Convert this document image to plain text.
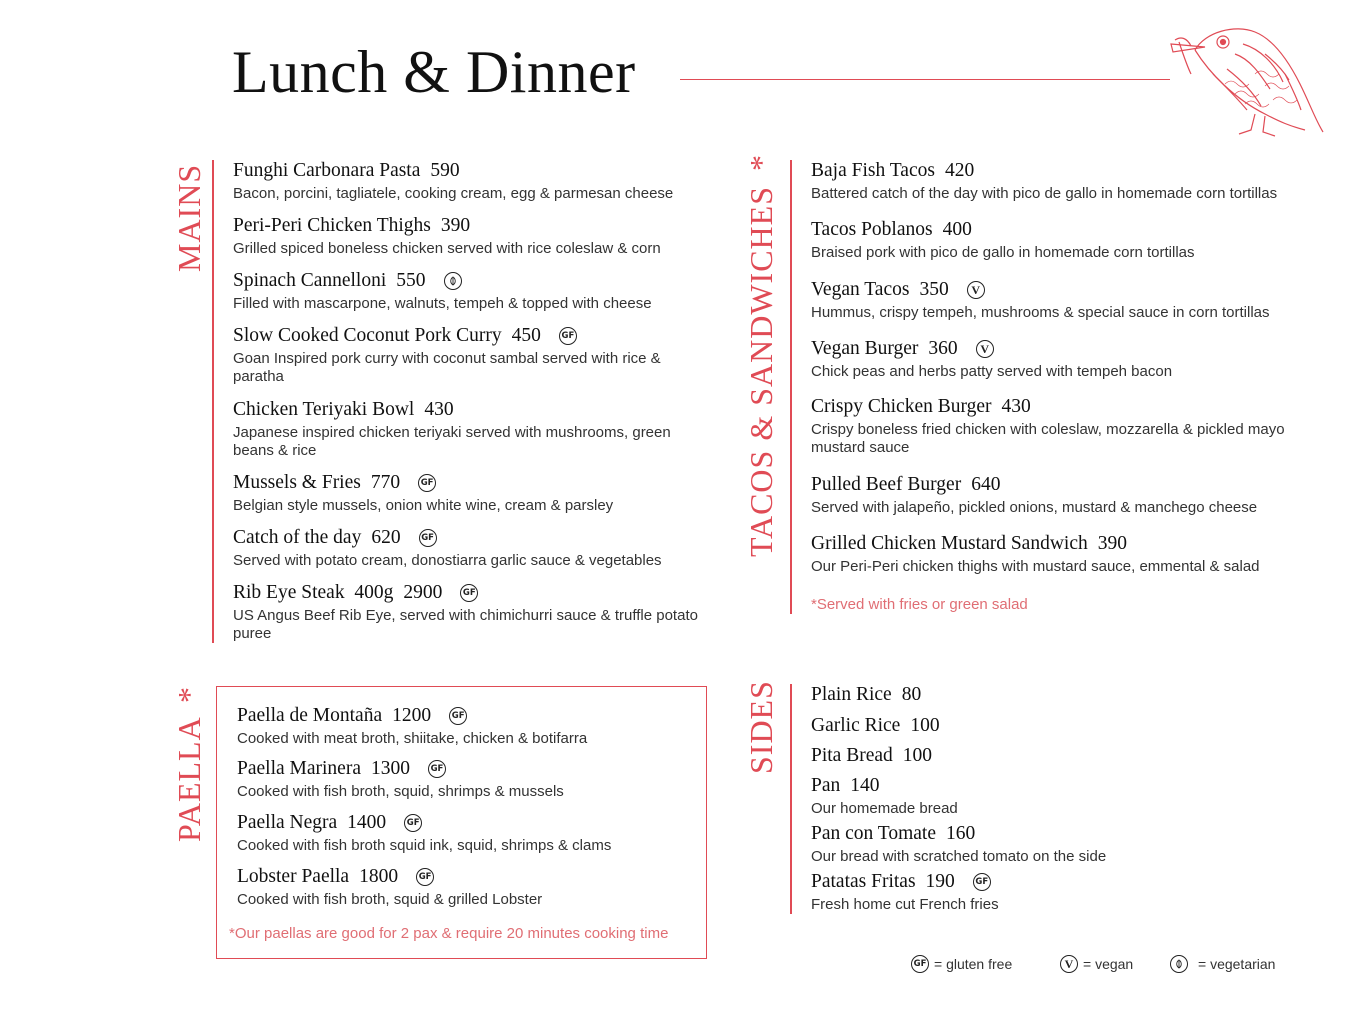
Lunch & Dinner
MAINS Funghi Carbonara Pasta 590
Bacon, porcini, tagliatele, cooking cream, egg & parmesan cheese
Peri-Peri Chicken Thighs 390
Grilled spiced boneless chicken served with rice coleslaw & corn
Spinach Cannelloni 550
Filled with mascarpone, walnuts, tempeh & topped with cheese
Slow Cooked Coconut Pork Curry 450	GF
Goan Inspired pork curry with coconut sambal served with rice & paratha
Chicken Teriyaki Bowl 430
Japanese inspired chicken teriyaki served with mushrooms, green beans & rice
Mussels & Fries 770	GF
Belgian style mussels, onion white wine, cream & parsley
Catch of the day 620	GF
Served with potato cream, donostiarra garlic sauce & vegetables
Rib Eye Steak  400g 2900	GF
US Angus Beef Rib Eye, served with chimichurri sauce & truffle potato puree
TACOS & SANDWICHES * Baja Fish Tacos 420
Battered catch of the day with pico de gallo in homemade corn tortillas
Tacos Poblanos 400
Braised pork with pico de gallo in homemade corn tortillas
Vegan Tacos 350	V
Hummus, crispy tempeh, mushrooms & special sauce in corn tortillas
Vegan Burger 360	V
Chick peas and herbs patty served with tempeh bacon
Crispy Chicken Burger 430
Crispy boneless fried chicken with coleslaw, mozzarella & pickled mayo mustard sauce
Pulled Beef Burger 640
Served with jalapeño, pickled onions, mustard & manchego cheese
Grilled Chicken Mustard Sandwich 390
Our Peri-Peri chicken thighs with mustard sauce, emmental & salad
*Served with fries or green salad
PAELLA *
Paella de Montaña 1200	GF
Cooked with meat broth, shiitake, chicken & botifarra
Paella Marinera 1300	GF
Cooked with fish broth, squid, shrimps & mussels
Paella Negra 1400	GF
Cooked with fish broth squid ink, squid, shrimps & clams
Lobster Paella 1800	GF
Cooked with fish broth, squid & grilled Lobster
*Our paellas are good for 2 pax & require 20 minutes cooking time
SIDES Plain Rice 80
Garlic Rice 100
Pita Bread 100
Pan 140
Our homemade bread
Pan con Tomate 160
Our bread with scratched tomato on the side
Patatas Fritas 190	GF
Fresh home cut French fries
GF = gluten free	V = vegan	= vegetarian
